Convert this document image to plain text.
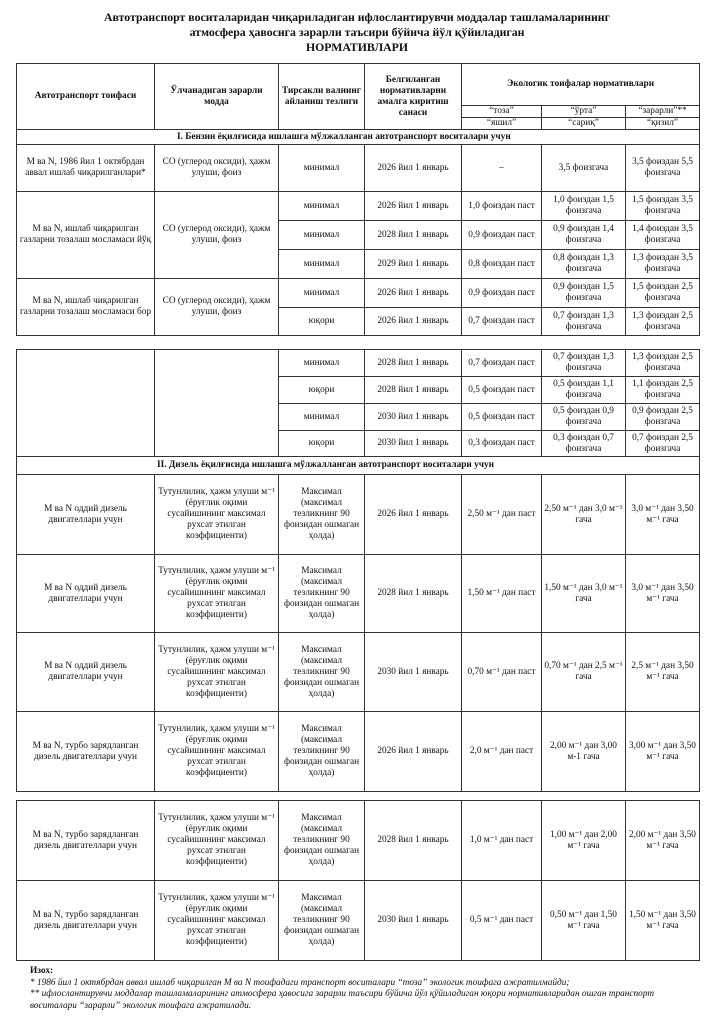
Автотранспорт воситаларидан чиқариладиган ифлослантирувчи моддалар ташламаларининг
атмосфера ҳавосига зарарли таъсири бўйича йўл қўйиладиган
НОРМАТИВЛАРИ
Автотранспорт тоифаси	Ўлчанадиган зарарли модда	Тирсакли валнинг айланиш тезлиги	Белгиланган нормативларни амалга киритиш санаси	Экологик тоифалар нормативлари		
				“тоза”	“ўрта”	“зарарли”**
				“яшил”	“сариқ”	“қизил”
I. Бензин ёқилғисида ишлашга мўлжалланган автотранспорт воситалари учун						
M ва N, 1986 йил 1 октябрдан аввал ишлаб чиқарилганлари*	CO (углерод оксиди), ҳажм улуши, фоиз	минимал	2026 йил 1 январь	–	3,5 фоизгача	3,5 фоиздан 5,5 фоизгача
M ва N, ишлаб чиқарилган газларни тозалаш мосламаси йўқ	CO (углерод оксиди), ҳажм улуши, фоиз	минимал	2026 йил 1 январь	1,0 фоиздан паст	1,0 фоиздан 1,5 фоизгача	1,5 фоиздан 3,5 фоизгача
		минимал	2028 йил 1 январь	0,9 фоиздан паст	0,9 фоиздан 1,4 фоизгача	1,4 фоиздан 3,5 фоизгача
		минимал	2029 йил 1 январь	0,8 фоиздан паст	0,8 фоиздан 1,3 фоизгача	1,3 фоиздан 3,5 фоизгача
M ва N, ишлаб чиқарилган газларни тозалаш мосламаси бор	CO (углерод оксиди), ҳажм улуши, фоиз	минимал	2026 йил 1 январь	0,9 фоиздан паст	0,9 фоиздан 1,5 фоизгача	1,5 фоиздан 2,5 фоизгача
		юқори	2026 йил 1 январь	0,7 фоиздан паст	0,7 фоиздан 1,3 фоизгача	1,3 фоиздан 2,5 фоизгача
		минимал	2028 йил 1 январь	0,7 фоиздан паст	0,7 фоиздан 1,3 фоизгача	1,3 фоиздан 2,5 фоизгача
		юқори	2028 йил 1 январь	0,5 фоиздан паст	0,5 фоиздан 1,1 фоизгача	1,1 фоиздан 2,5 фоизгача
		минимал	2030 йил 1 январь	0,5 фоиздан паст	0,5 фоиздан 0,9 фоизгача	0,9 фоиздан 2,5 фоизгача
		юқори	2030 йил 1 январь	0,3 фоиздан паст	0,3 фоиздан 0,7 фоизгача	0,7 фоиздан 2,5 фоизгача
II. Дизель ёқилғисида ишлашга мўлжалланган автотранспорт воситалари учун						
M ва N оддий дизель двигателлари учун	Тутунлилик, ҳажм улуши м⁻¹ (ёруғлик оқими сусайишининг максимал рухсат этилган коэффициенти)	Максимал (максимал тезликнинг 90 фоизидан ошмаган ҳолда)	2026 йил 1 январь	2,50 м⁻¹ дан паст	2,50 м⁻¹ дан 3,0 м⁻¹ гача	3,0 м⁻¹ дан 3,50 м⁻¹ гача
M ва N оддий дизель двигателлари учун	Тутунлилик, ҳажм улуши м⁻¹ (ёруғлик оқими сусайишининг максимал рухсат этилган коэффициенти)	Максимал (максимал тезликнинг 90 фоизидан ошмаган ҳолда)	2028 йил 1 январь	1,50 м⁻¹ дан паст	1,50 м⁻¹ дан 3,0 м⁻¹ гача	3,0 м⁻¹ дан 3,50 м⁻¹ гача
M ва N оддий дизель двигателлари учун	Тутунлилик, ҳажм улуши м⁻¹ (ёруғлик оқими сусайишининг максимал рухсат этилган коэффициенти)	Максимал (максимал тезликнинг 90 фоизидан ошмаган ҳолда)	2030 йил 1 январь	0,70 м⁻¹ дан паст	0,70 м⁻¹ дан 2,5 м⁻¹ гача	2,5 м⁻¹ дан 3,50 м⁻¹ гача
M ва N, турбо зарядланган дизель двигателлари учун	Тутунлилик, ҳажм улуши м⁻¹ (ёруғлик оқими сусайишининг максимал рухсат этилган коэффициенти)	Максимал (максимал тезликнинг 90 фоизидан ошмаган ҳолда)	2026 йил 1 январь	2,0 м⁻¹ дан паст	2,00 м⁻¹ дан 3,00 м-1 гача	3,00 м⁻¹ дан 3,50 м⁻¹ гача
M ва N, турбо зарядланган дизель двигателлари учун	Тутунлилик, ҳажм улуши м⁻¹ (ёруғлик оқими сусайишининг максимал рухсат этилган коэффициенти)	Максимал (максимал тезликнинг 90 фоизидан ошмаган ҳолда)	2028 йил 1 январь	1,0 м⁻¹ дан паст	1,00 м⁻¹ дан 2,00 м⁻¹ гача	2,00 м⁻¹ дан 3,50 м⁻¹ гача
M ва N, турбо зарядланган дизель двигателлари учун	Тутунлилик, ҳажм улуши м⁻¹ (ёруғлик оқими сусайишининг максимал рухсат этилган коэффициенти)	Максимал (максимал тезликнинг 90 фоизидан ошмаган ҳолда)	2030 йил 1 январь	0,5 м⁻¹ дан паст	0,50 м⁻¹ дан 1,50 м⁻¹ гача	1,50 м⁻¹ дан 3,50 м⁻¹ гача
Изох:
* 1986 йил 1 октябрдан аввал ишлаб чиқарилган M ва N тоифадаги транспорт воситалари “тоза” экологик тоифага ажратилмайди;
** ифлослантирувчи моддалар ташламаларининг атмосфера ҳавосига зарарли таъсири бўйича йўл қўйиладиган юқори нормативларидан ошган транспорт воситалари “зарарли” экологик тоифага ажратилади.
